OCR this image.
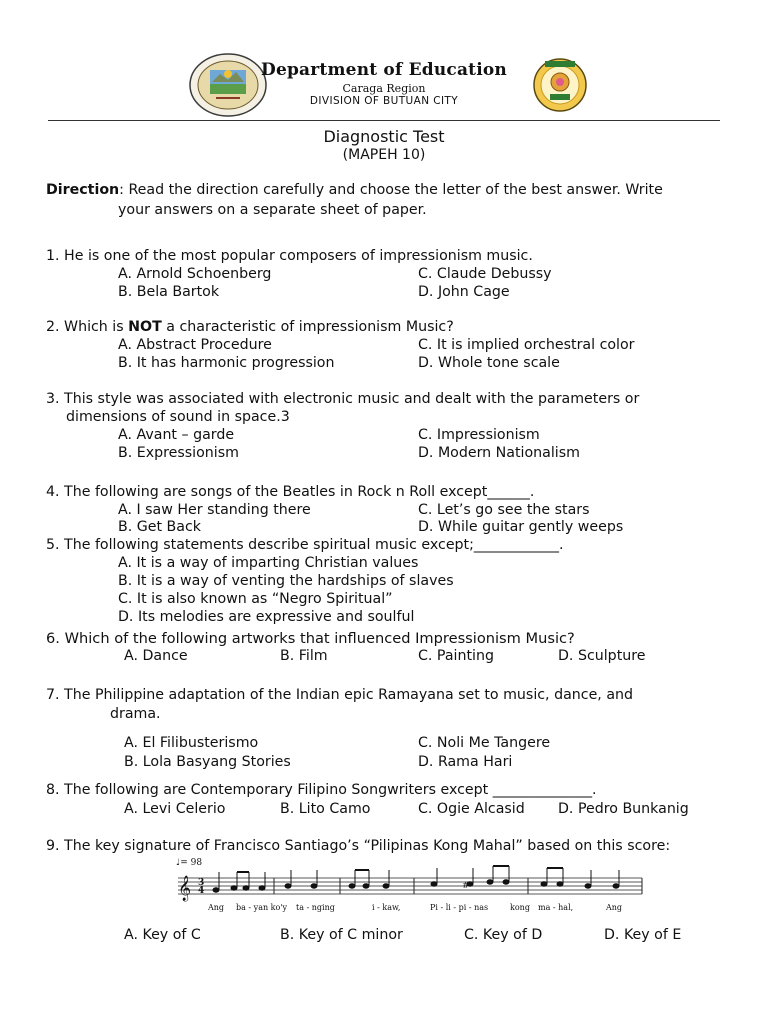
Department of Education
Caraga Region
DIVISION OF BUTUAN CITY
Diagnostic Test
(MAPEH 10)
Direction: Read the direction carefully and choose the letter of the best answer. Write
your answers on a separate sheet of paper.
1. He is one of the most popular composers of impressionism music.
A. Arnold Schoenberg
B. Bela Bartok
C. Claude Debussy
D. John Cage
2. Which is NOT a characteristic of impressionism Music?
A. Abstract Procedure
B. It has harmonic progression
C. It is implied orchestral color
D. Whole tone scale
3. This style was associated with electronic music and dealt with the parameters or
dimensions of sound in space.3
A. Avant – garde
B. Expressionism
C. Impressionism
D. Modern Nationalism
4. The following are songs of the Beatles in Rock n Roll except______.
A. I saw Her standing there
B. Get Back
C. Let’s go see the stars
D. While guitar gently weeps
5. The following statements describe spiritual music except;____________.
A. It is a way of imparting Christian values
B. It is a way of venting the hardships of slaves
C. It is also known as “Negro Spiritual”
D. Its melodies are expressive and soulful
6. Which of the following artworks that influenced Impressionism Music?
A. Dance	B. Film	C. Painting	D. Sculpture
7. The Philippine adaptation of the Indian epic Ramayana set to music, dance, and
drama.
A. El Filibusterismo
B. Lola Basyang Stories
C. Noli Me Tangere
D. Rama Hari
8. The following are Contemporary Filipino Songwriters except ______________.
A. Levi Celerio	B. Lito Camo	C. Ogie Alcasid D. Pedro Bunkanig
9. The key signature of Francisco Santiago’s “Pilipinas Kong Mahal” based on this score:
𝄞 3
4	#
♩= 98
Ang ba - yan ko'y ta - nging	i - kaw,	Pi - li - pi - nas	kong ma - hal,	Ang
A. Key of C	B. Key of C minor	C. Key of D	D. Key of E
